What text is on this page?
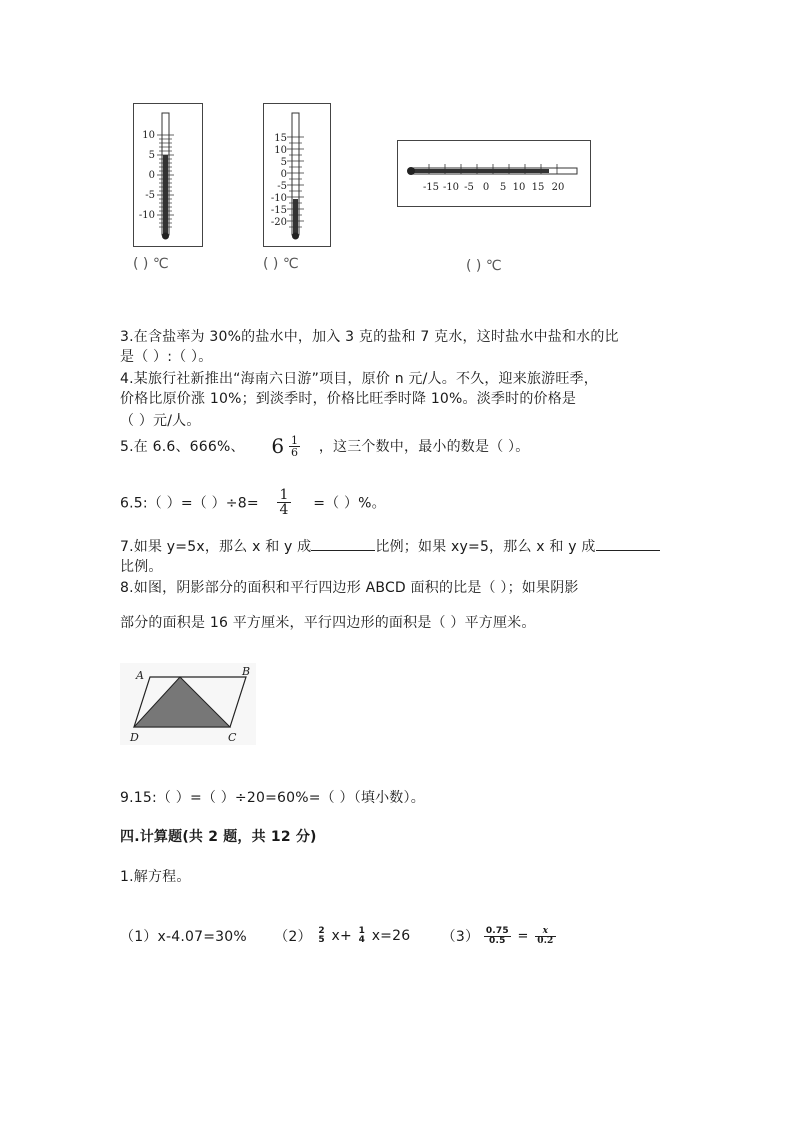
10
5
0
-5
-10
( ) ℃
15
10
5
0
-5
-10
-15
-20
( ) ℃
-15 -10 -5 0 5 10 15 20
( ) ℃
3.在含盐率为 30%的盐水中，加入 3 克的盐和 7 克水，这时盐水中盐和水的比
是（ ）:（ ）。
4.某旅行社新推出“海南六日游”项目，原价 n 元/人。不久，迎来旅游旺季，
价格比原价涨 10%；到淡季时，价格比旺季时降 10%。淡季时的价格是
（ ）元/人。
5.在 6.6、666%、 $6 \frac{1}{6}$ ，这三个数中，最小的数是（ ）。
6.5:（ ）=（ ）$\div 8= \frac{1}{4}$ =（ ）%。
7.如果 y=5x，那么 x 和 y 成	比例；如果 xy=5，那么 x 和 y 成
比例。
8.如图，阴影部分的面积和平行四边形 ABCD 面积的比是（ ）；如果阴影
部分的面积是 16 平方厘米，平行四边形的面积是（ ）平方厘米。
A	B
C
D
9.15:（ ）=（ ）÷20=60%=（ ）（填小数）。
四.计算题(共 2 题，共 12 分)
1.解方程。
（1）x-4.07=30% （2） 2
5 x+ 1
4 x=26 $(3) \frac{0.75}{0.5} = \frac{x}{0.2}$
